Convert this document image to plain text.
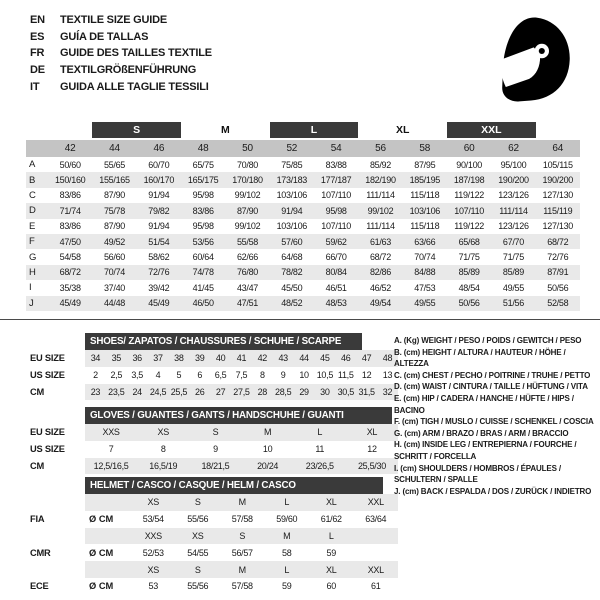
EN	TEXTILE SIZE GUIDE
ES	GUÍA DE TALLAS
FR	GUIDE DES TAILLES TEXTILE
DE	TEXTILGRÖßENFÜHRUNG
IT	GUIDA ALLE TAGLIE TESSILI
S	M	L	XL	XXL
42	44	46	48	50	52	54	56	58	60	62	64
A	50/60	55/65	60/70	65/75	70/80	75/85	83/88	85/92	87/95	90/100	95/100	105/115
B	150/160	155/165	160/170	165/175	170/180	173/183	177/187	182/190	185/195	187/198	190/200	190/200
C	83/86	87/90	91/94	95/98	99/102	103/106	107/110	111/114	115/118	119/122	123/126	127/130
D	71/74	75/78	79/82	83/86	87/90	91/94	95/98	99/102	103/106	107/110	111/114	115/119
E	83/86	87/90	91/94	95/98	99/102	103/106	107/110	111/114	115/118	119/122	123/126	127/130
F	47/50	49/52	51/54	53/56	55/58	57/60	59/62	61/63	63/66	65/68	67/70	68/72
G	54/58	56/60	58/62	60/64	62/66	64/68	66/70	68/72	70/74	71/75	71/75	72/76
H	68/72	70/74	72/76	74/78	76/80	78/82	80/84	82/86	84/88	85/89	85/89	87/91
I	35/38	37/40	39/42	41/45	43/47	45/50	46/51	46/52	47/53	48/54	49/55	50/56
J	45/49	44/48	45/49	46/50	47/51	48/52	48/53	49/54	49/55	50/56	51/56	52/58
SHOES/ ZAPATOS / CHAUSSURES / SCHUHE / SCARPE
EU SIZE	34	35	36	37	38	39	40	41	42	43	44	45	46	47	48
US SIZE	2	2,5	3,5	4	5	6	6,5	7,5	8	9	10 10,5 11,5 12	13
CM	23 23,5 24 24,5 25,5 26	27 27,5 28 28,5 29	30 30,5 31,5 32
GLOVES / GUANTES / GANTS / HANDSCHUHE / GUANTI
EU SIZE	XXS	XS	S	M	L	XL
US SIZE	7	8	9	10	11	12
CM	12,5/16,5	16,5/19	18/21,5	20/24	23/26,5	25,5/30
HELMET / CASCO / CASQUE / HELM / CASCO
XS	S	M	L	XL	XXL
FIA	Ø CM	53/54	55/56	57/58	59/60	61/62	63/64
XXS	XS	S	M	L
CMR	Ø CM	52/53	54/55	56/57	58	59
XS	S	M	L	XL	XXL
ECE	Ø CM	53	55/56	57/58	59	60	61
A. (Kg) WEIGHT / PESO / POIDS / GEWITCH / PESO
B. (cm) HEIGHT / ALTURA / HAUTEUR / HÖHE / ALTEZZA
C. (cm) CHEST / PECHO / POITRINE / TRUHE / PETTO
D. (cm) WAIST / CINTURA / TAILLE / HÜFTUNG / VITA
E. (cm) HIP / CADERA / HANCHE / HÜFTE / HIPS / BACINO
F. (cm) TIGH / MUSLO / CUISSE / SCHENKEL / COSCIA
G. (cm) ARM / BRAZO / BRAS / ARM / BRACCIO
H. (cm) INSIDE LEG / ENTREPIERNA / FOURCHE / SCHRITT / FORCELLA
I. (cm) SHOULDERS / HOMBROS / ÉPAULES / SCHULTERN / SPALLE
J. (cm) BACK / ESPALDA / DOS / ZURÜCK / INDIETRO
